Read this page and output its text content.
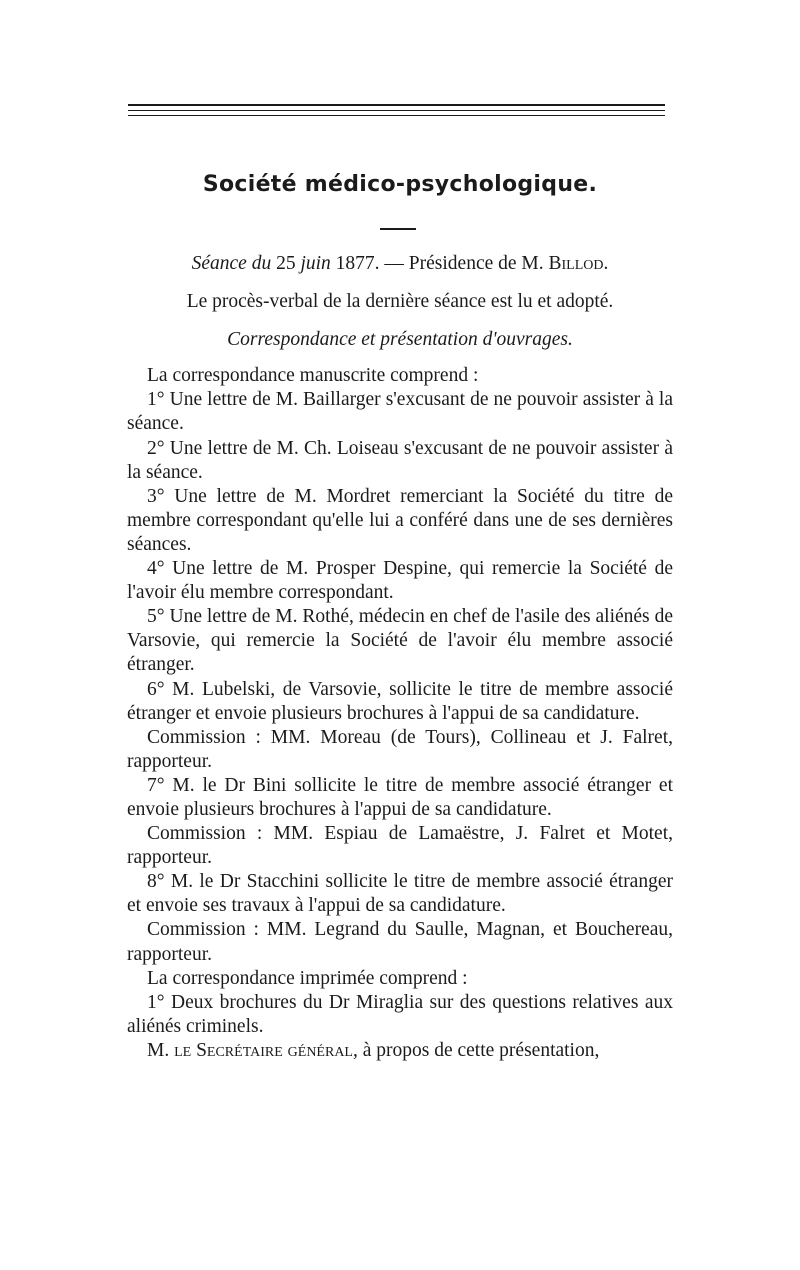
Société médico-psychologique.
Séance du 25 juin 1877. — Présidence de M. Billod.
Le procès-verbal de la dernière séance est lu et adopté.
Correspondance et présentation d'ouvrages.

La correspondance manuscrite comprend :

1° Une lettre de M. Baillarger s'excusant de ne pouvoir assister à la séance.

2° Une lettre de M. Ch. Loiseau s'excusant de ne pouvoir assister à la séance.

3° Une lettre de M. Mordret remerciant la Société du titre de membre correspondant qu'elle lui a conféré dans une de ses dernières séances.

4° Une lettre de M. Prosper Despine, qui remercie la Société de l'avoir élu membre correspondant.

5° Une lettre de M. Rothé, médecin en chef de l'asile des aliénés de Varsovie, qui remercie la Société de l'avoir élu membre associé étranger.

6° M. Lubelski, de Varsovie, sollicite le titre de membre associé étranger et envoie plusieurs brochures à l'appui de sa candidature.

Commission : MM. Moreau (de Tours), Collineau et J. Falret, rapporteur.

7° M. le Dr Bini sollicite le titre de membre associé étranger et envoie plusieurs brochures à l'appui de sa candidature.

Commission : MM. Espiau de Lamaëstre, J. Falret et Motet, rapporteur.

8° M. le Dr Stacchini sollicite le titre de membre associé étranger et envoie ses travaux à l'appui de sa candidature.

Commission : MM. Legrand du Saulle, Magnan, et Bouchereau, rapporteur.

La correspondance imprimée comprend :

1° Deux brochures du Dr Miraglia sur des questions relatives aux aliénés criminels.

M. le Secrétaire général, à propos de cette présentation,
